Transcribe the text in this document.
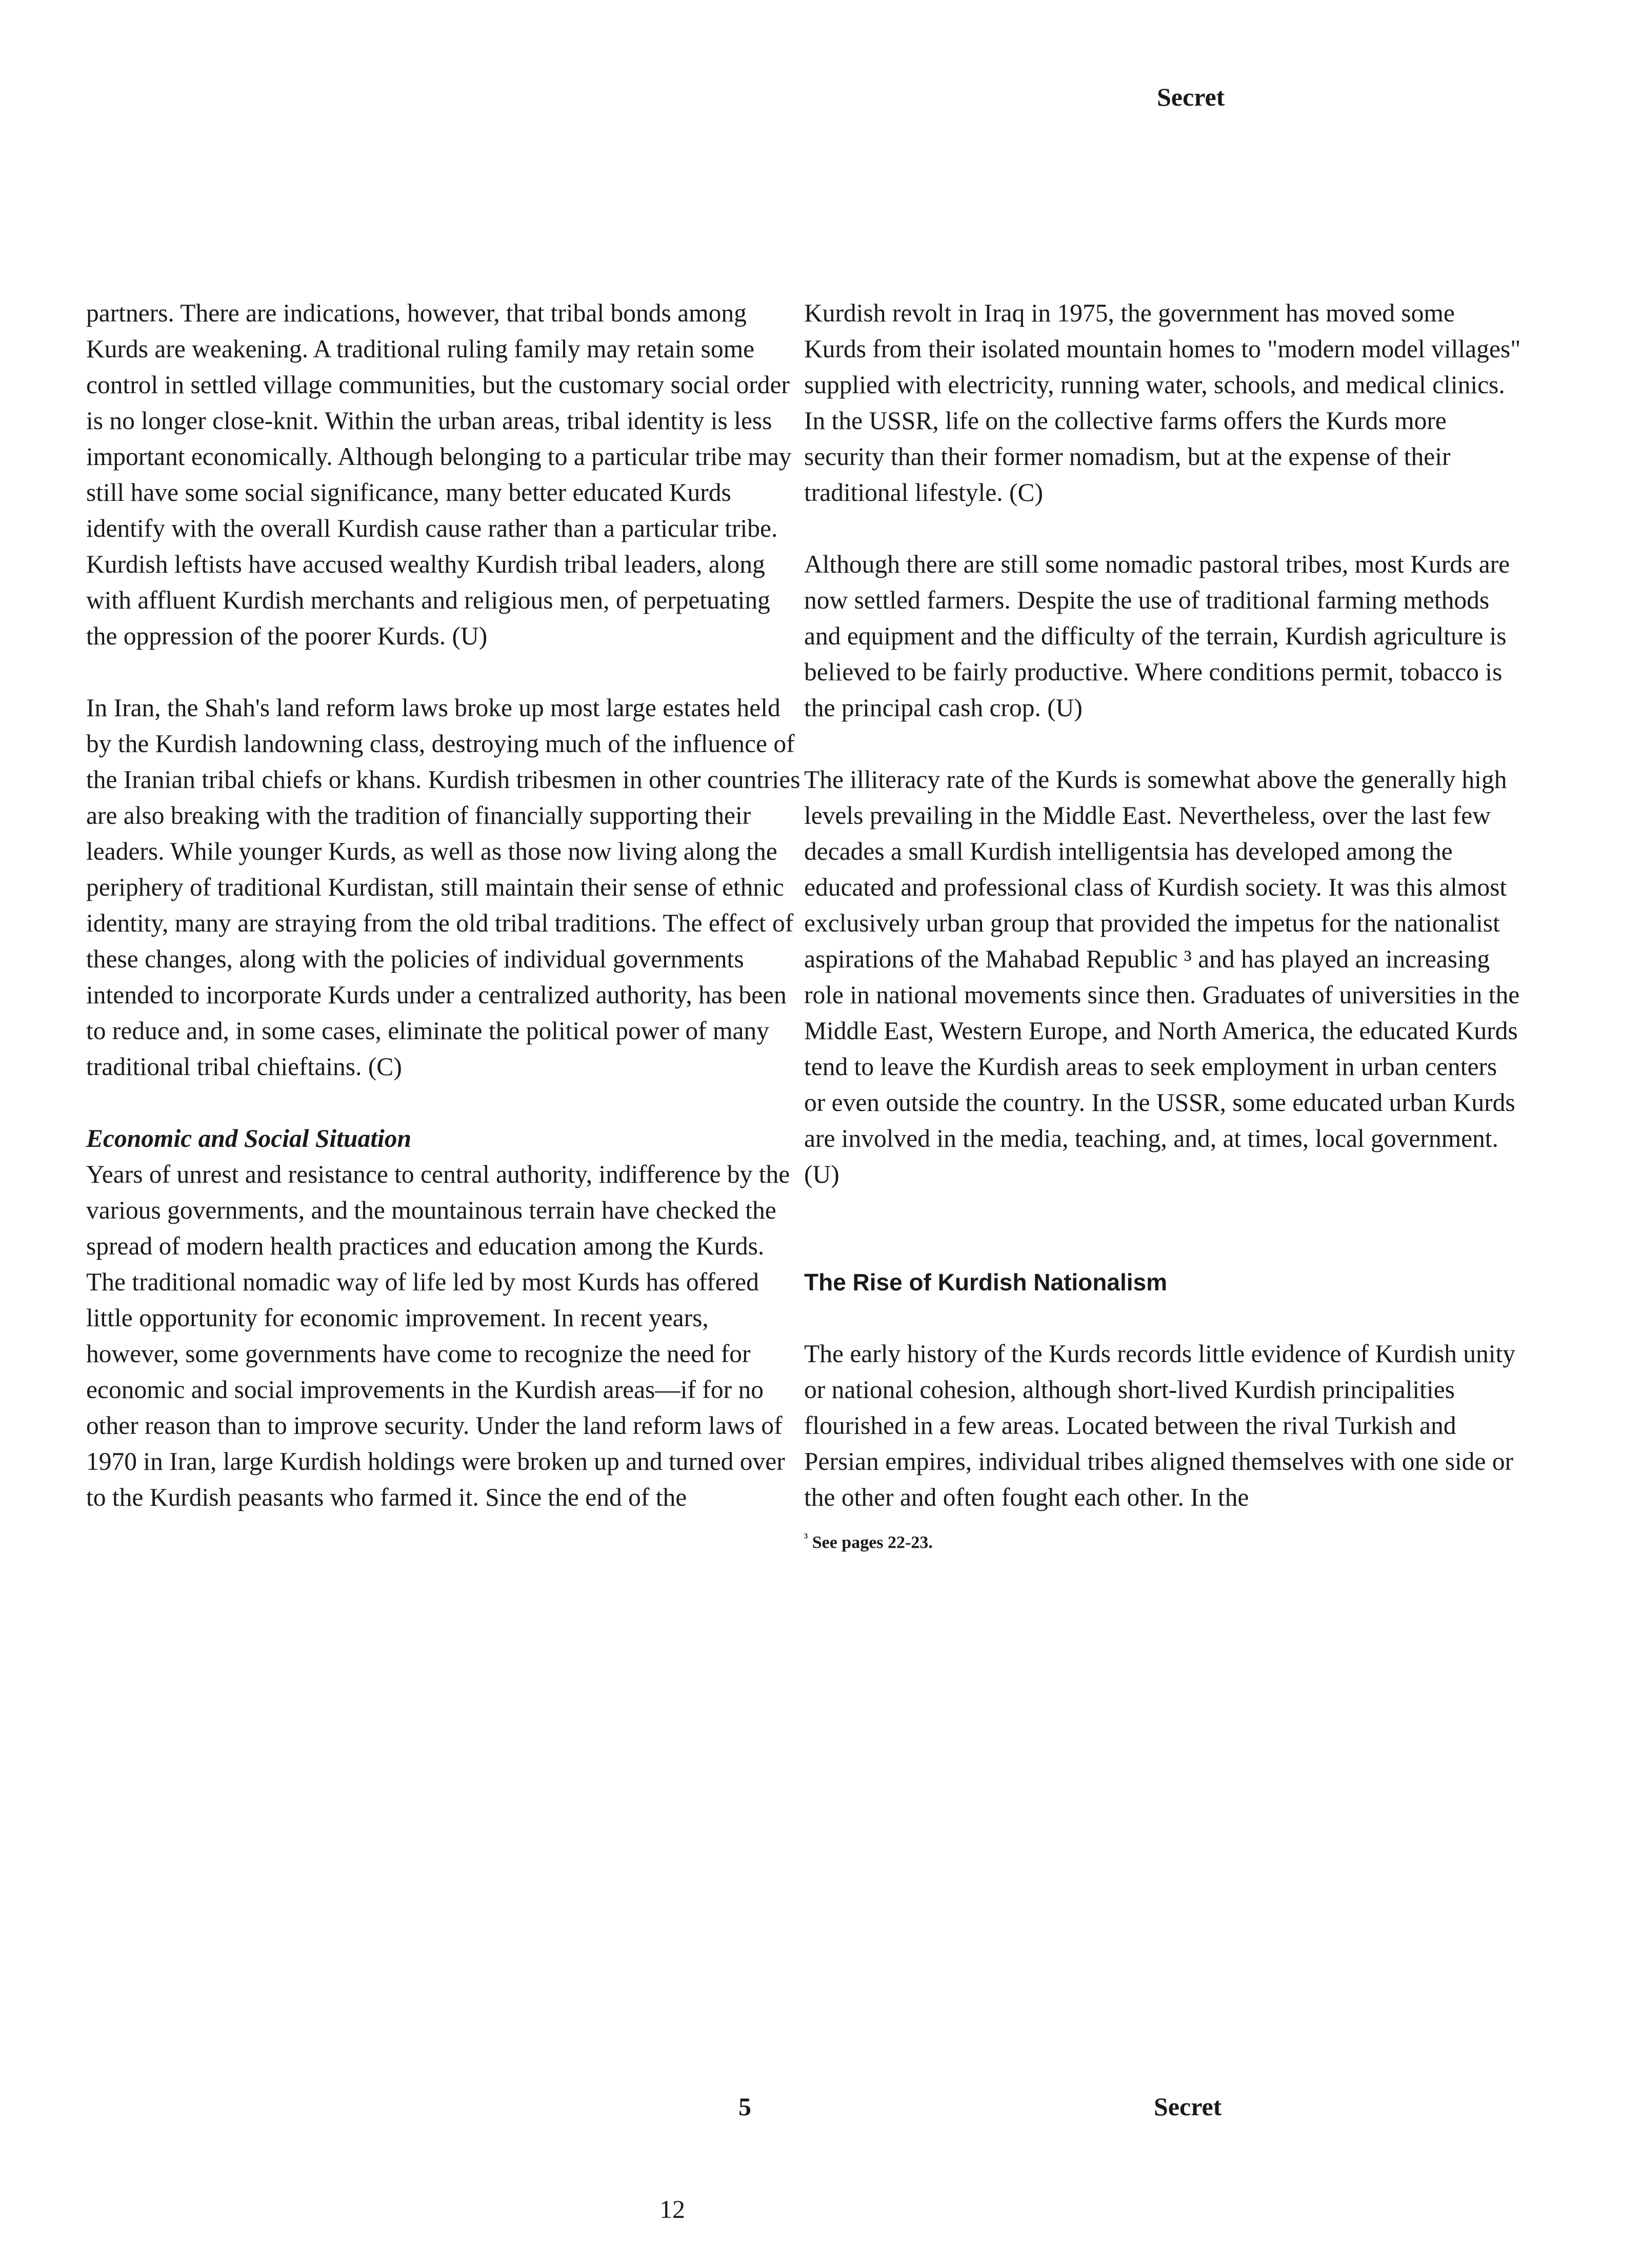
Secret

partners. There are indications, however, that tribal bonds among Kurds are weakening. A traditional ruling family may retain some control in settled village communities, but the customary social order is no longer close-knit. Within the urban areas, tribal identity is less important economically. Although belonging to a particular tribe may still have some social significance, many better educated Kurds identify with the overall Kurdish cause rather than a particular tribe. Kurdish leftists have accused wealthy Kurdish tribal leaders, along with affluent Kurdish merchants and religious men, of perpetuating the oppression of the poorer Kurds. (U)

In Iran, the Shah's land reform laws broke up most large estates held by the Kurdish landowning class, destroying much of the influence of the Iranian tribal chiefs or khans. Kurdish tribesmen in other countries are also breaking with the tradition of financially supporting their leaders. While younger Kurds, as well as those now living along the periphery of traditional Kurdistan, still maintain their sense of ethnic identity, many are straying from the old tribal traditions. The effect of these changes, along with the policies of individual governments intended to incorporate Kurds under a centralized authority, has been to reduce and, in some cases, eliminate the political power of many traditional tribal chieftains. (C)

Economic and Social Situation

Years of unrest and resistance to central authority, indifference by the various governments, and the mountainous terrain have checked the spread of modern health practices and education among the Kurds. The traditional nomadic way of life led by most Kurds has offered little opportunity for economic improvement. In recent years, however, some governments have come to recognize the need for economic and social improvements in the Kurdish areas—if for no other reason than to improve security. Under the land reform laws of 1970 in Iran, large Kurdish holdings were broken up and turned over to the Kurdish peasants who farmed it. Since the end of the

Kurdish revolt in Iraq in 1975, the government has moved some Kurds from their isolated mountain homes to "modern model villages" supplied with electricity, running water, schools, and medical clinics. In the USSR, life on the collective farms offers the Kurds more security than their former nomadism, but at the expense of their traditional lifestyle. (C)

Although there are still some nomadic pastoral tribes, most Kurds are now settled farmers. Despite the use of traditional farming methods and equipment and the difficulty of the terrain, Kurdish agriculture is believed to be fairly productive. Where conditions permit, tobacco is the principal cash crop. (U)

The illiteracy rate of the Kurds is somewhat above the generally high levels prevailing in the Middle East. Nevertheless, over the last few decades a small Kurdish intelligentsia has developed among the educated and professional class of Kurdish society. It was this almost exclusively urban group that provided the impetus for the nationalist aspirations of the Mahabad Republic ³ and has played an increasing role in national movements since then. Graduates of universities in the Middle East, Western Europe, and North America, the educated Kurds tend to leave the Kurdish areas to seek employment in urban centers or even outside the country. In the USSR, some educated urban Kurds are involved in the media, teaching, and, at times, local government. (U)

The Rise of Kurdish Nationalism

The early history of the Kurds records little evidence of Kurdish unity or national cohesion, although short-lived Kurdish principalities flourished in a few areas. Located between the rival Turkish and Persian empires, individual tribes aligned themselves with one side or the other and often fought each other. In the

$^{^3}$ See pages 22-23.
5	Secret
12
